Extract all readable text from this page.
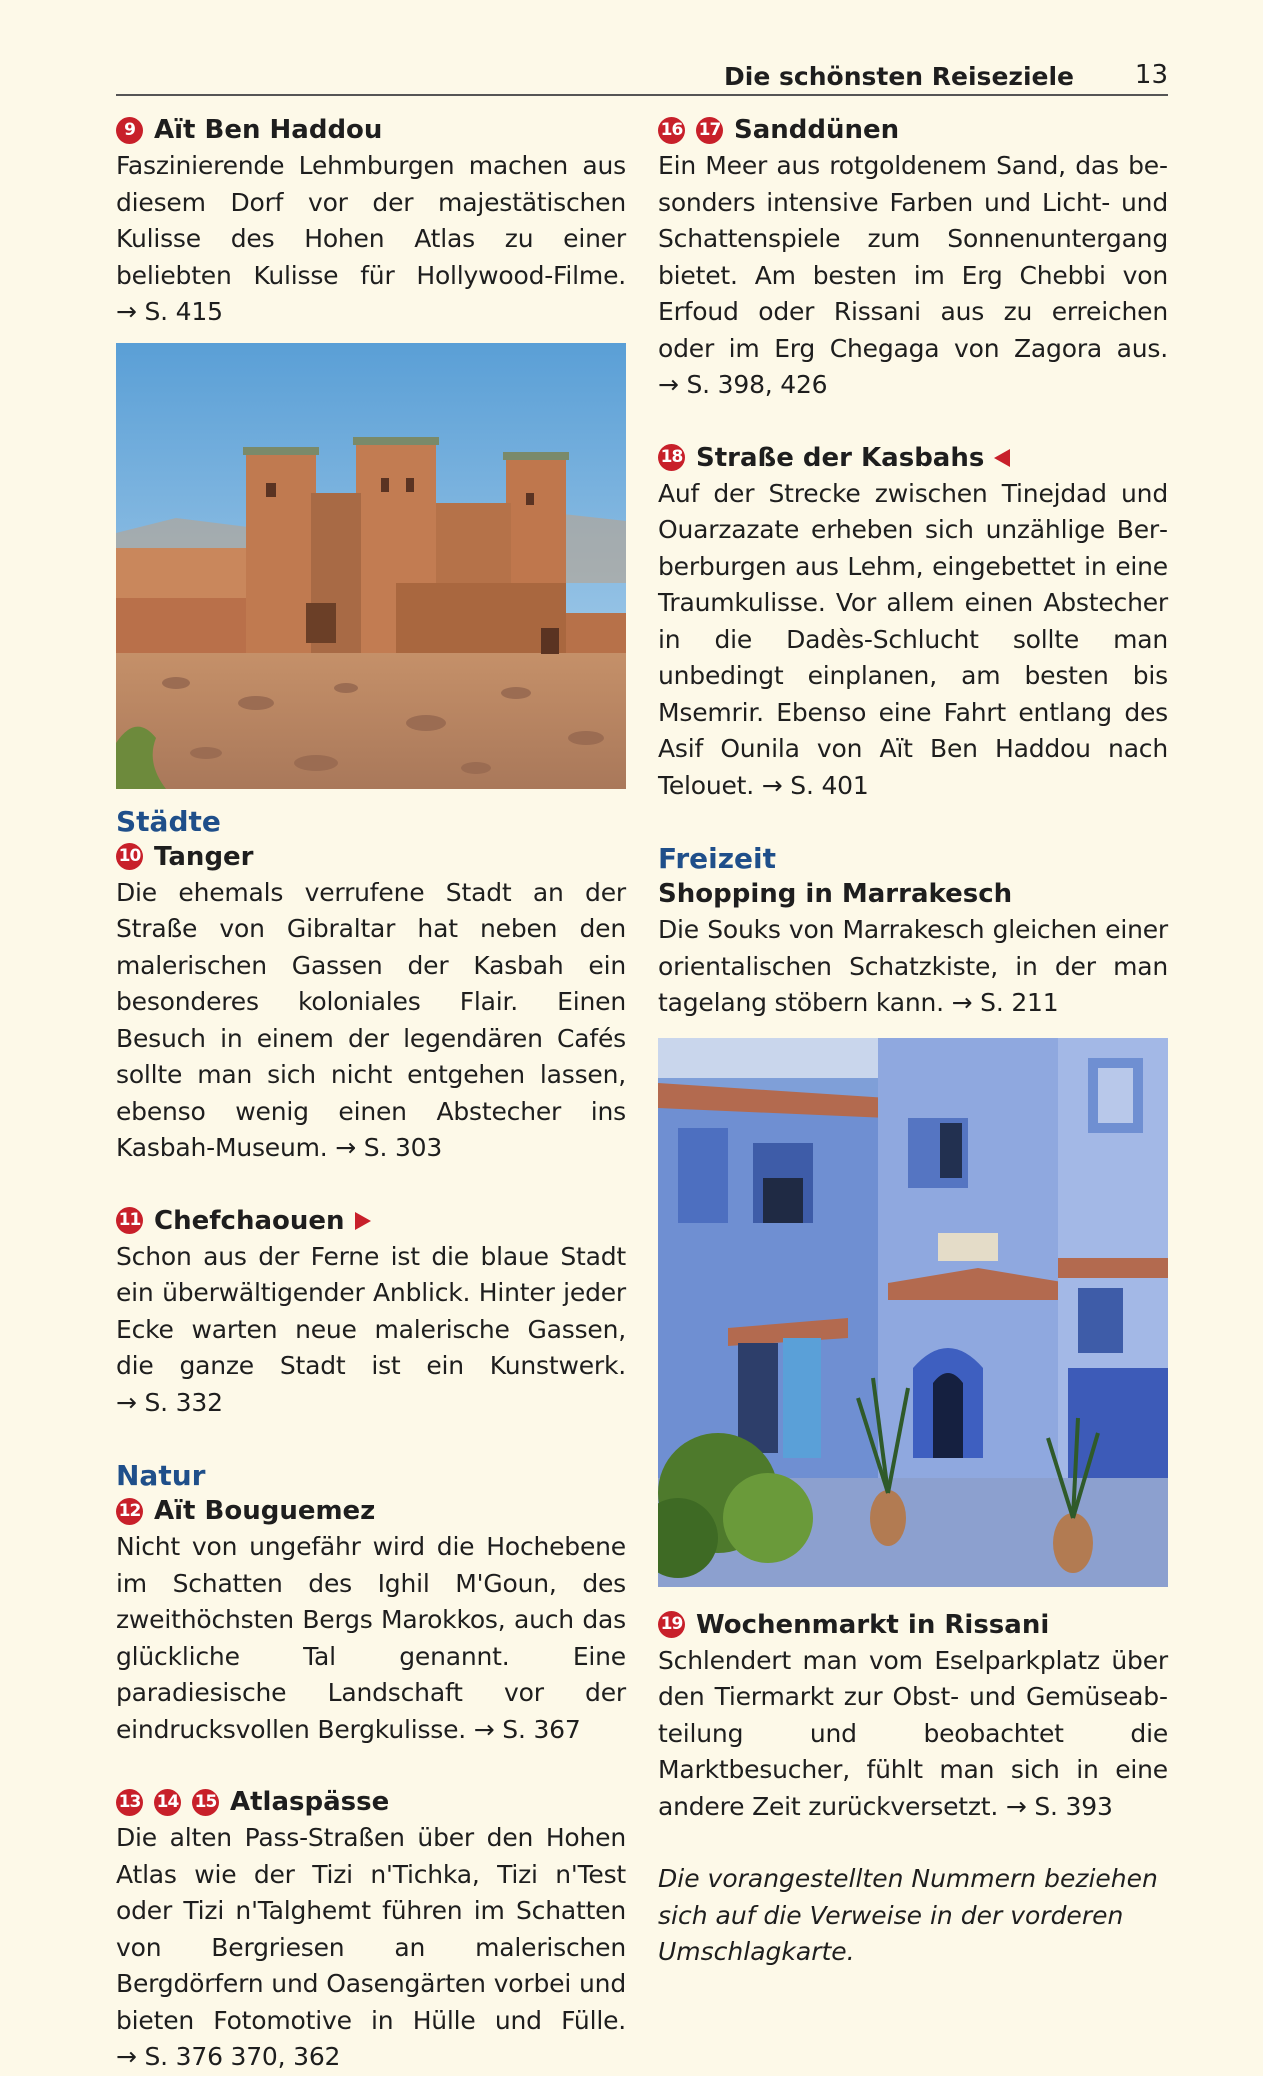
Die schönsten Reiseziele 13
9 Aït Ben Haddou

Faszinierende Lehmburgen machen aus diesem Dorf vor der majestätischen Kulisse des Hohen Atlas zu einer beliebten Kulisse für Hollywood-Filme. → S. 415

Städte
10 Tanger

Die ehemals verrufene Stadt an der Straße von Gibraltar hat neben den malerischen Gassen der Kasbah ein besonderes koloniales Flair. Einen Besuch in einem der legendären Cafés sollte man sich nicht entgehen lassen, ebenso wenig einen Abstecher ins Kasbah-Museum. → S. 303

11 Chefchaouen

Schon aus der Ferne ist die blaue Stadt ein überwältigender Anblick. Hinter jeder Ecke warten neue malerische Gassen, die ganze Stadt ist ein Kunstwerk. → S. 332

Natur
12 Aït Bouguemez

Nicht von ungefähr wird die Hochebene im Schatten des Ighil M'Goun, des zweithöchsten Bergs Marokkos, auch das glückliche Tal genannt. Eine paradiesische Landschaft vor der eindrucksvollen Bergkulisse. → S. 367

13 14 15 Atlaspässe

Die alten Pass-Straßen über den Hohen Atlas wie der Tizi n'Tichka, Tizi n'Test oder Tizi n'Talghemt führen im Schatten von Bergriesen an malerischen Bergdörfern und Oasengärten vorbei und bieten Fotomotive in Hülle und Fülle. → S. 376 370, 362

16 17 Sanddünen

Ein Meer aus rotgoldenem Sand, das besonders intensive Farben und Licht- und Schattenspiele zum Sonnenuntergang bietet. Am besten im Erg Chebbi von Erfoud oder Rissani aus zu erreichen oder im Erg Chegaga von Zagora aus. → S. 398, 426

18 Straße der Kasbahs

Auf der Strecke zwischen Tinejdad und Ouarzazate erheben sich unzählige Berberburgen aus Lehm, eingebettet in eine Traumkulisse. Vor allem einen Abstecher in die Dadès-Schlucht sollte man unbedingt einplanen, am besten bis Msemrir. Ebenso eine Fahrt entlang des Asif Ounila von Aït Ben Haddou nach Telouet. → S. 401

Freizeit
Shopping in Marrakesch

Die Souks von Marrakesch gleichen einer orientalischen Schatzkiste, in der man tagelang stöbern kann. → S. 211

19 Wochenmarkt in Rissani

Schlendert man vom Eselparkplatz über den Tiermarkt zur Obst- und Gemüseabteilung und beobachtet die Marktbesucher, fühlt man sich in eine andere Zeit zurückversetzt. → S. 393

Die vorangestellten Nummern beziehen sich auf die Verweise in der vorderen Umschlagkarte.
